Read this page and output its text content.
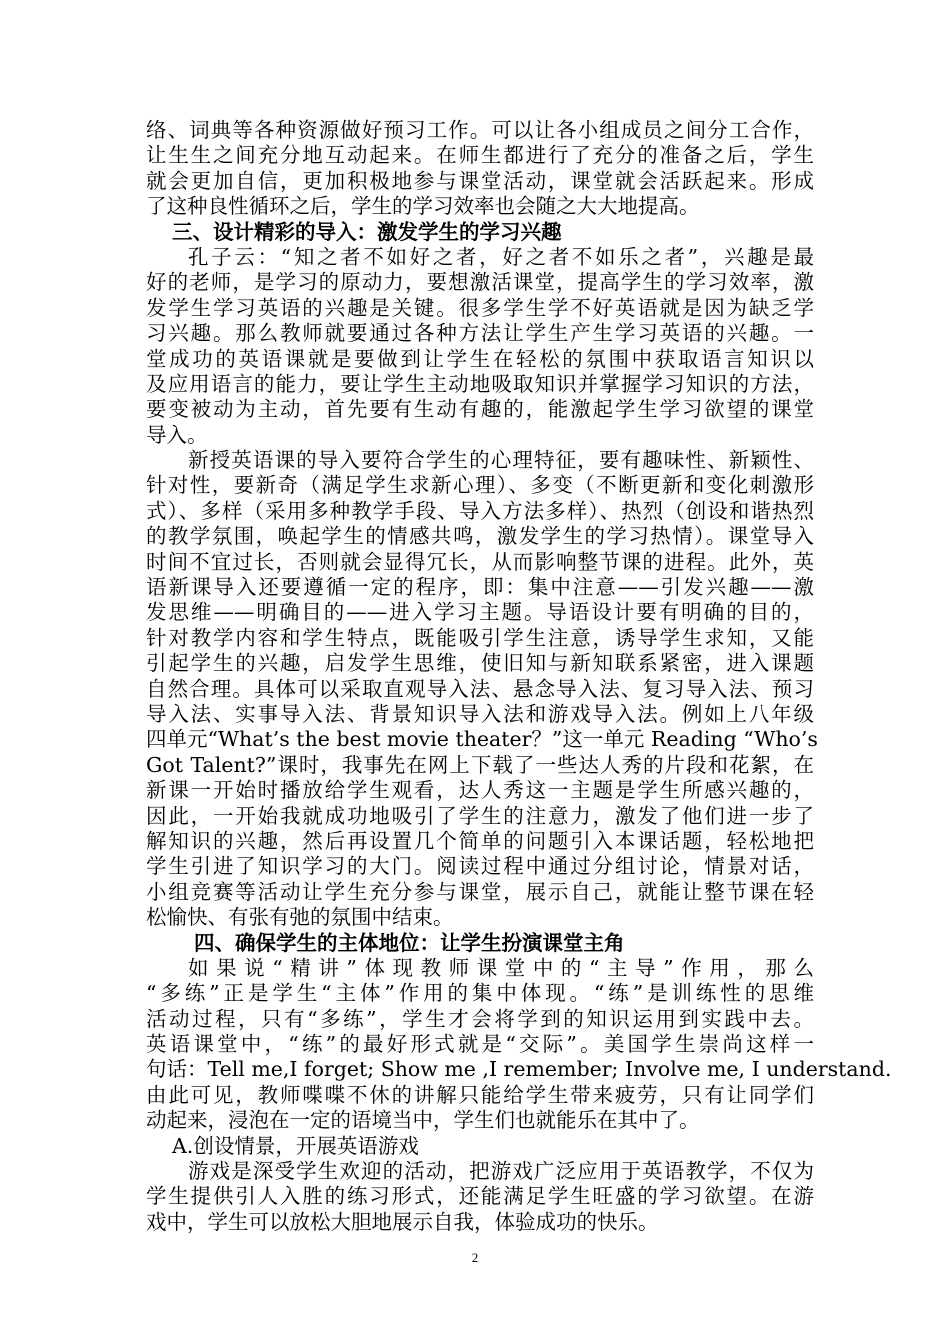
络、词典等各种资源做好预习工作。可以让各小组成员之间分工合作，
让生生之间充分地互动起来。在师生都进行了充分的准备之后，学生
就会更加自信，更加积极地参与课堂活动，课堂就会活跃起来。形成
了这种良性循环之后，学生的学习效率也会随之大大地提高。
三、设计精彩的导入：激发学生的学习兴趣
孔子云：“知之者不如好之者，好之者不如乐之者”，兴趣是最
好的老师，是学习的原动力，要想激活课堂，提高学生的学习效率，激
发学生学习英语的兴趣是关键。很多学生学不好英语就是因为缺乏学
习兴趣。那么教师就要通过各种方法让学生产生学习英语的兴趣。一
堂成功的英语课就是要做到让学生在轻松的氛围中获取语言知识以
及应用语言的能力，要让学生主动地吸取知识并掌握学习知识的方法，
要变被动为主动，首先要有生动有趣的，能激起学生学习欲望的课堂
导入。
新授英语课的导入要符合学生的心理特征，要有趣味性、新颖性、
针对性，要新奇（满足学生求新心理）、多变（不断更新和变化刺激形
式）、多样（采用多种教学手段、导入方法多样）、热烈（创设和谐热烈
的教学氛围，唤起学生的情感共鸣，激发学生的学习热情）。课堂导入
时间不宜过长，否则就会显得冗长，从而影响整节课的进程。此外，英
语新课导入还要遵循一定的程序，即：集中注意——引发兴趣——激
发思维——明确目的——进入学习主题。导语设计要有明确的目的，
针对教学内容和学生特点，既能吸引学生注意，诱导学生求知，又能
引起学生的兴趣，启发学生思维，使旧知与新知联系紧密，进入课题
自然合理。具体可以采取直观导入法、悬念导入法、复习导入法、预习
导入法、实事导入法、背景知识导入法和游戏导入法。例如上八年级
四单元“What’s the best movie theater？”这一单元 Reading “Who’s
Got Talent?”课时，我事先在网上下载了一些达人秀的片段和花絮，在
新课一开始时播放给学生观看，达人秀这一主题是学生所感兴趣的，
因此，一开始我就成功地吸引了学生的注意力，激发了他们进一步了
解知识的兴趣，然后再设置几个简单的问题引入本课话题，轻松地把
学生引进了知识学习的大门。阅读过程中通过分组讨论，情景对话，
小组竞赛等活动让学生充分参与课堂，展示自己，就能让整节课在轻
松愉快、有张有弛的氛围中结束。
四、确保学生的主体地位：让学生扮演课堂主角
如果说“精讲”体现教师课堂中的“主导”作用，那么
“多练”正是学生“主体”作用的集中体现。“练”是训练性的思维
活动过程，只有“多练”，学生才会将学到的知识运用到实践中去。
英语课堂中，“练”的最好形式就是“交际”。美国学生崇尚这样一
句话：Tell me,I forget; Show me ,I remember; Involve me, I understand.
由此可见，教师喋喋不休的讲解只能给学生带来疲劳，只有让同学们
动起来，浸泡在一定的语境当中，学生们也就能乐在其中了。
A.创设情景，开展英语游戏
游戏是深受学生欢迎的活动，把游戏广泛应用于英语教学，不仅为
学生提供引人入胜的练习形式，还能满足学生旺盛的学习欲望。在游
戏中，学生可以放松大胆地展示自我，体验成功的快乐。
2
